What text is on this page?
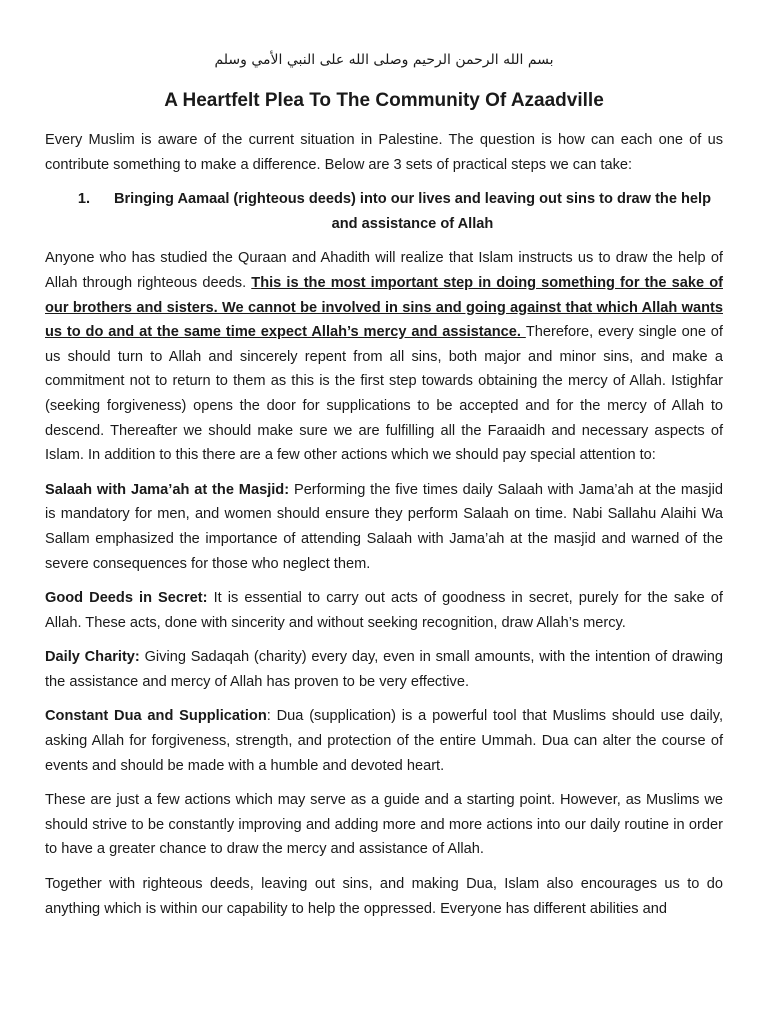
بسم الله الرحمن الرحيم وصلى الله على النبي الأمي وسلم
A Heartfelt Plea To The Community Of Azaadville

Every Muslim is aware of the current situation in Palestine. The question is how can each one of us contribute something to make a difference. Below are 3 sets of practical steps we can take:

1.	Bringing Aamaal (righteous deeds) into our lives and leaving out sins to draw the help and assistance of Allah

Anyone who has studied the Quraan and Ahadith will realize that Islam instructs us to draw the help of Allah through righteous deeds. This is the most important step in doing something for the sake of our brothers and sisters. We cannot be involved in sins and going against that which Allah wants us to do and at the same time expect Allah’s mercy and assistance. Therefore, every single one of us should turn to Allah and sincerely repent from all sins, both major and minor sins, and make a commitment not to return to them as this is the first step towards obtaining the mercy of Allah. Istighfar (seeking forgiveness) opens the door for supplications to be accepted and for the mercy of Allah to descend. Thereafter we should make sure we are fulfilling all the Faraaidh and necessary aspects of Islam. In addition to this there are a few other actions which we should pay special attention to:

Salaah with Jama’ah at the Masjid: Performing the five times daily Salaah with Jama’ah at the masjid is mandatory for men, and women should ensure they perform Salaah on time. Nabi Sallahu Alaihi Wa Sallam emphasized the importance of attending Salaah with Jama’ah at the masjid and warned of the severe consequences for those who neglect them.

Good Deeds in Secret: It is essential to carry out acts of goodness in secret, purely for the sake of Allah. These acts, done with sincerity and without seeking recognition, draw Allah’s mercy.

Daily Charity: Giving Sadaqah (charity) every day, even in small amounts, with the intention of drawing the assistance and mercy of Allah has proven to be very effective.

Constant Dua and Supplication: Dua (supplication) is a powerful tool that Muslims should use daily, asking Allah for forgiveness, strength, and protection of the entire Ummah. Dua can alter the course of events and should be made with a humble and devoted heart.

These are just a few actions which may serve as a guide and a starting point. However, as Muslims we should strive to be constantly improving and adding more and more actions into our daily routine in order to have a greater chance to draw the mercy and assistance of Allah.

Together with righteous deeds, leaving out sins, and making Dua, Islam also encourages us to do anything which is within our capability to help the oppressed. Everyone has different abilities and
